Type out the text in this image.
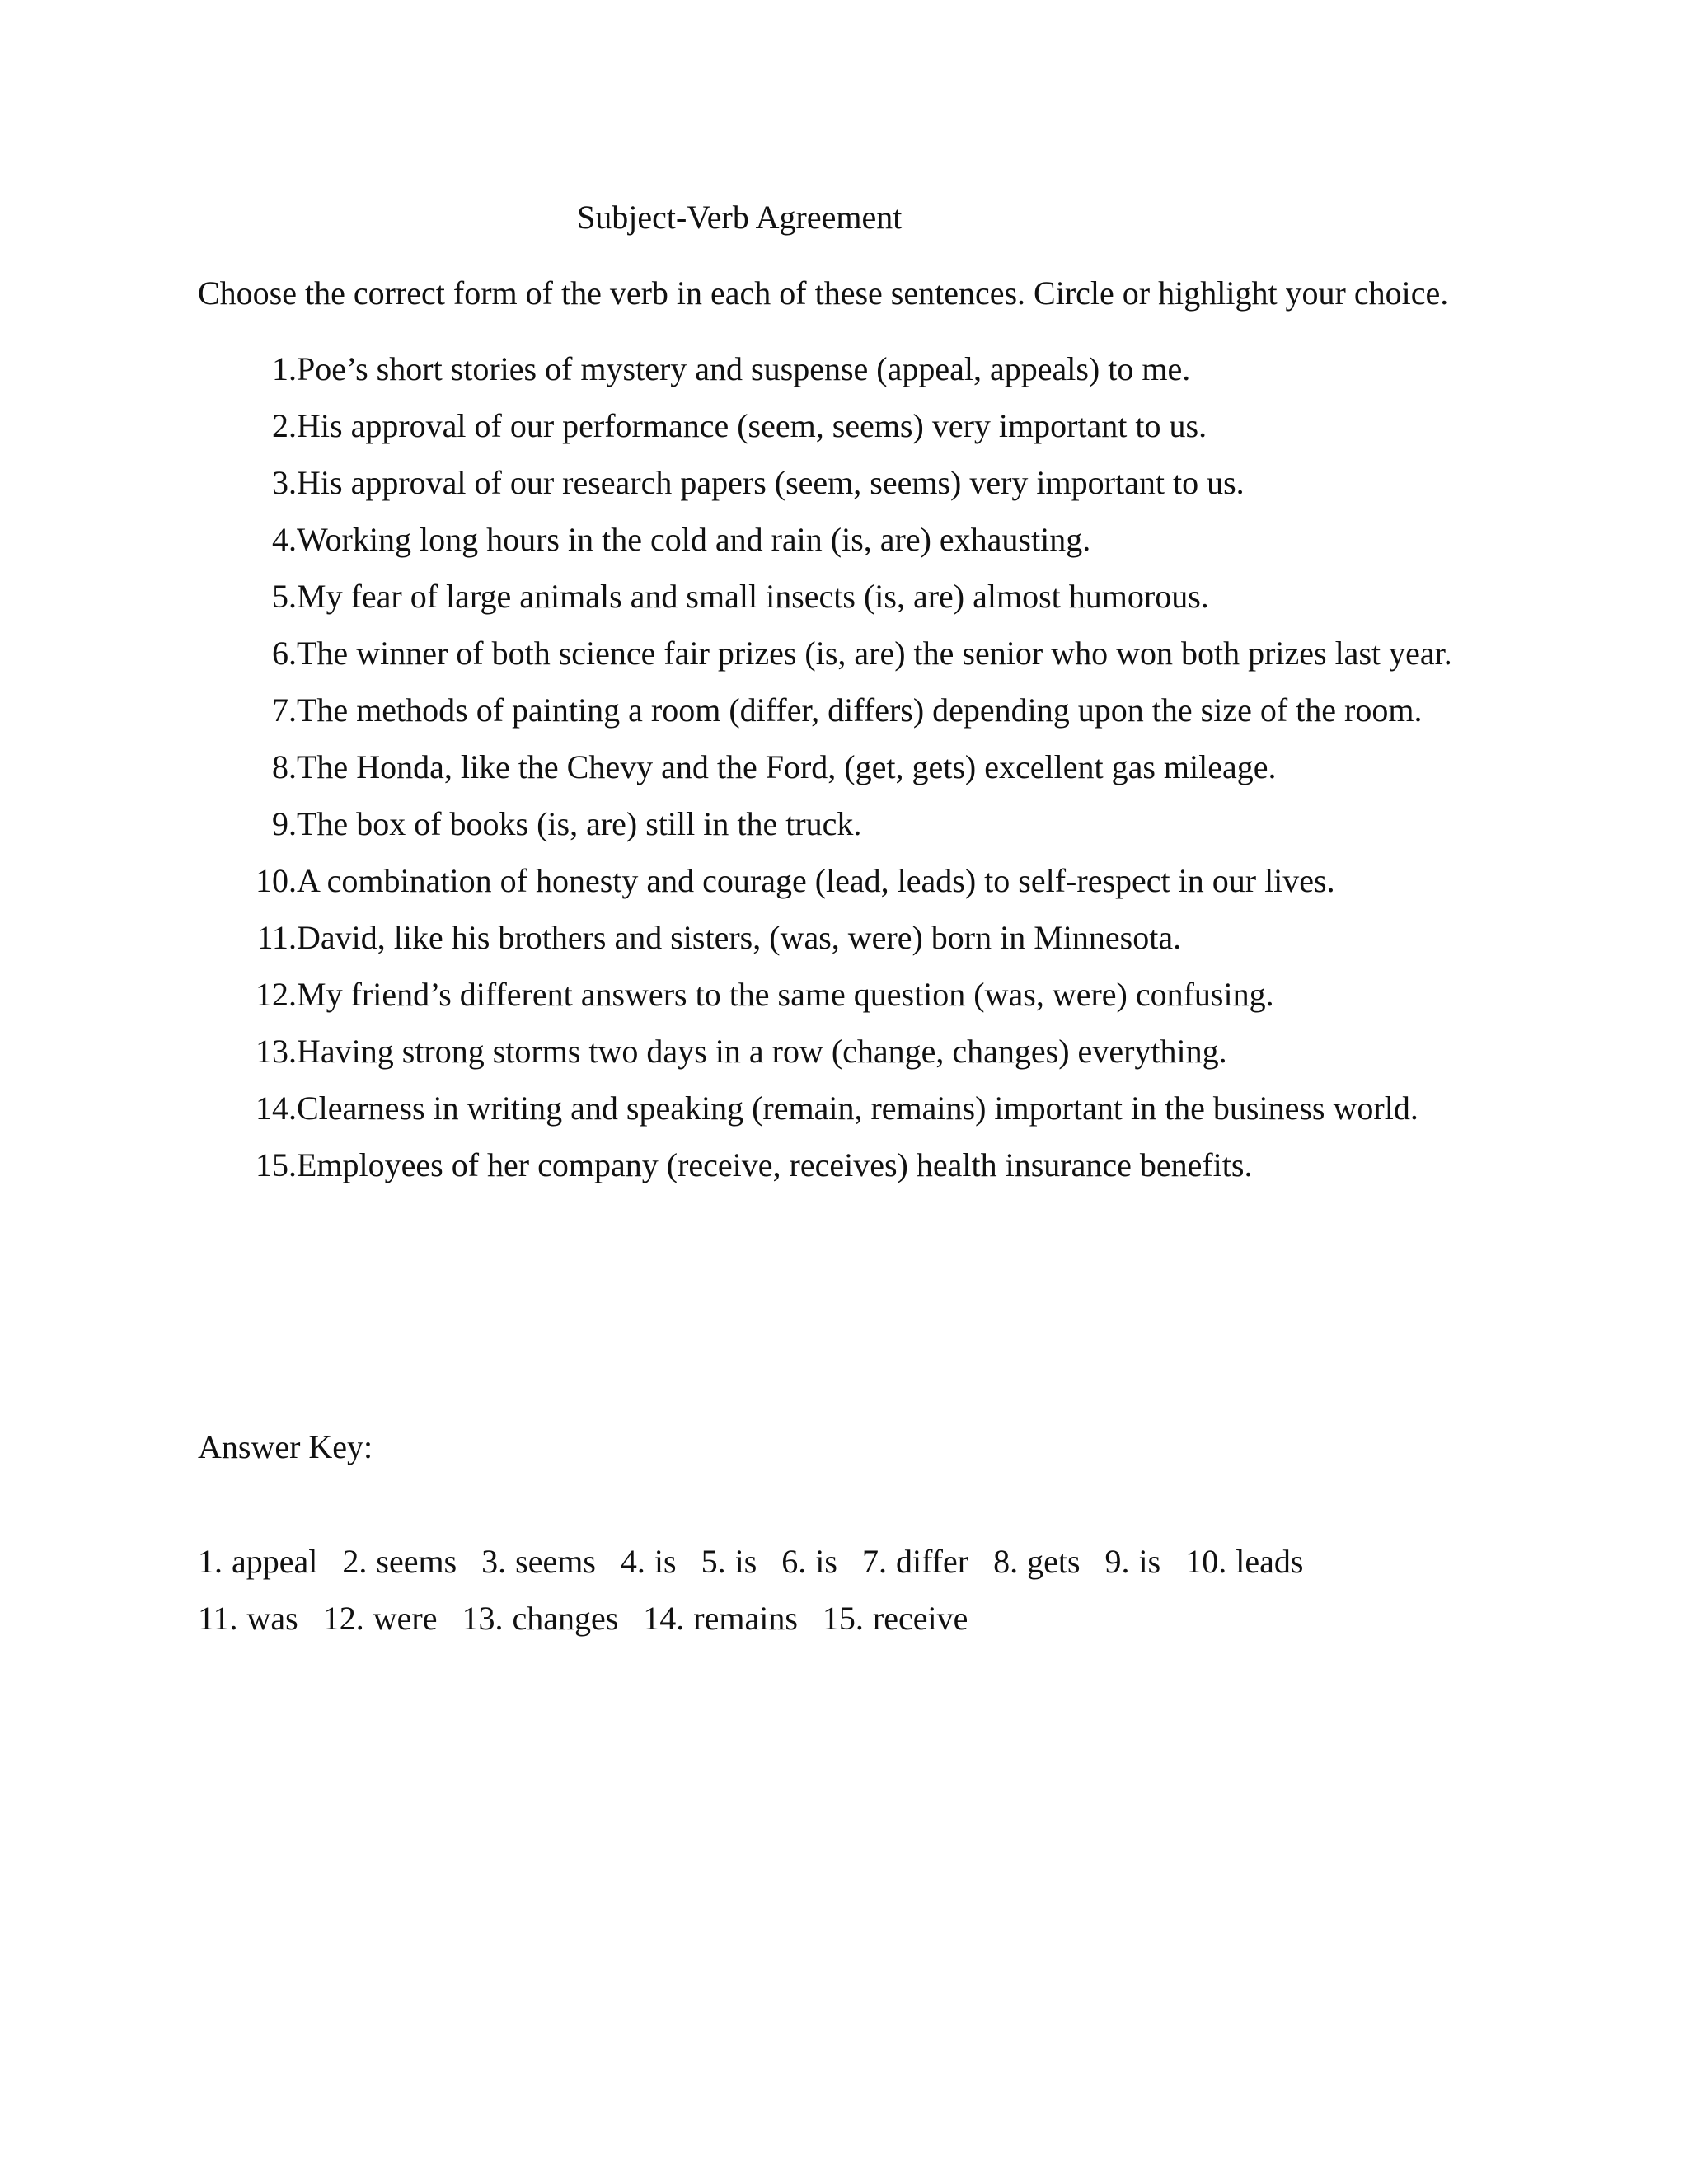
Subject-Verb Agreement
Choose the correct form of the verb in each of these sentences. Circle or highlight your choice.
1. Poe’s short stories of mystery and suspense (appeal, appeals) to me.
2. His approval of our performance (seem, seems) very important to us.
3. His approval of our research papers (seem, seems) very important to us.
4. Working long hours in the cold and rain (is, are) exhausting.
5. My fear of large animals and small insects (is, are) almost humorous.
6. The winner of both science fair prizes (is, are) the senior who won both prizes last year.
7. The methods of painting a room (differ, differs) depending upon the size of the room.
8. The Honda, like the Chevy and the Ford, (get, gets) excellent gas mileage.
9. The box of books (is, are) still in the truck.
10. A combination of honesty and courage (lead, leads) to self-respect in our lives.
11. David, like his brothers and sisters, (was, were) born in Minnesota.
12. My friend’s different answers to the same question (was, were) confusing.
13. Having strong storms two days in a row (change, changes) everything.
14. Clearness in writing and speaking (remain, remains) important in the business world.
15. Employees of her company (receive, receives) health insurance benefits.
Answer Key:
1. appeal 2. seems 3. seems 4. is 5. is 6. is 7. differ 8. gets 9. is 10. leads
11. was 12. were 13. changes 14. remains 15. receive
